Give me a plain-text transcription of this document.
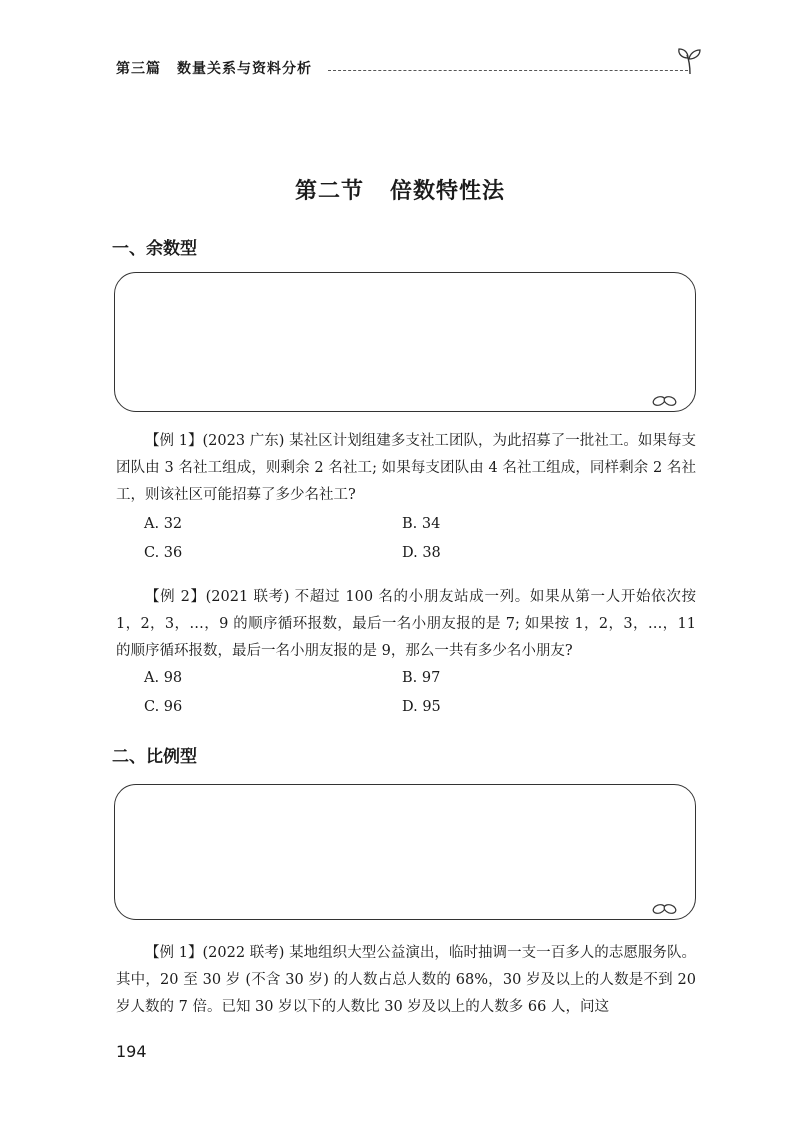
第三篇 数量关系与资料分析
第二节   倍数特性法
一、余数型
【例 1】(2023 广东) 某社区计划组建多支社工团队，为此招募了一批社工。如果每支团队由 3 名社工组成，则剩余 2 名社工; 如果每支团队由 4 名社工组成，同样剩余 2 名社工，则该社区可能招募了多少名社工?
A. 32	B. 34
C. 36	D. 38
【例 2】(2021 联考) 不超过 100 名的小朋友站成一列。如果从第一人开始依次按 1，2，3，…，9 的顺序循环报数，最后一名小朋友报的是 7; 如果按 1，2，3，…，11 的顺序循环报数，最后一名小朋友报的是 9，那么一共有多少名小朋友?
A. 98	B. 97
C. 96	D. 95
二、比例型
【例 1】(2022 联考) 某地组织大型公益演出，临时抽调一支一百多人的志愿服务队。其中，20 至 30 岁 (不含 30 岁) 的人数占总人数的 68%，30 岁及以上的人数是不到 20 岁人数的 7 倍。已知 30 岁以下的人数比 30 岁及以上的人数多 66 人，问这
194
